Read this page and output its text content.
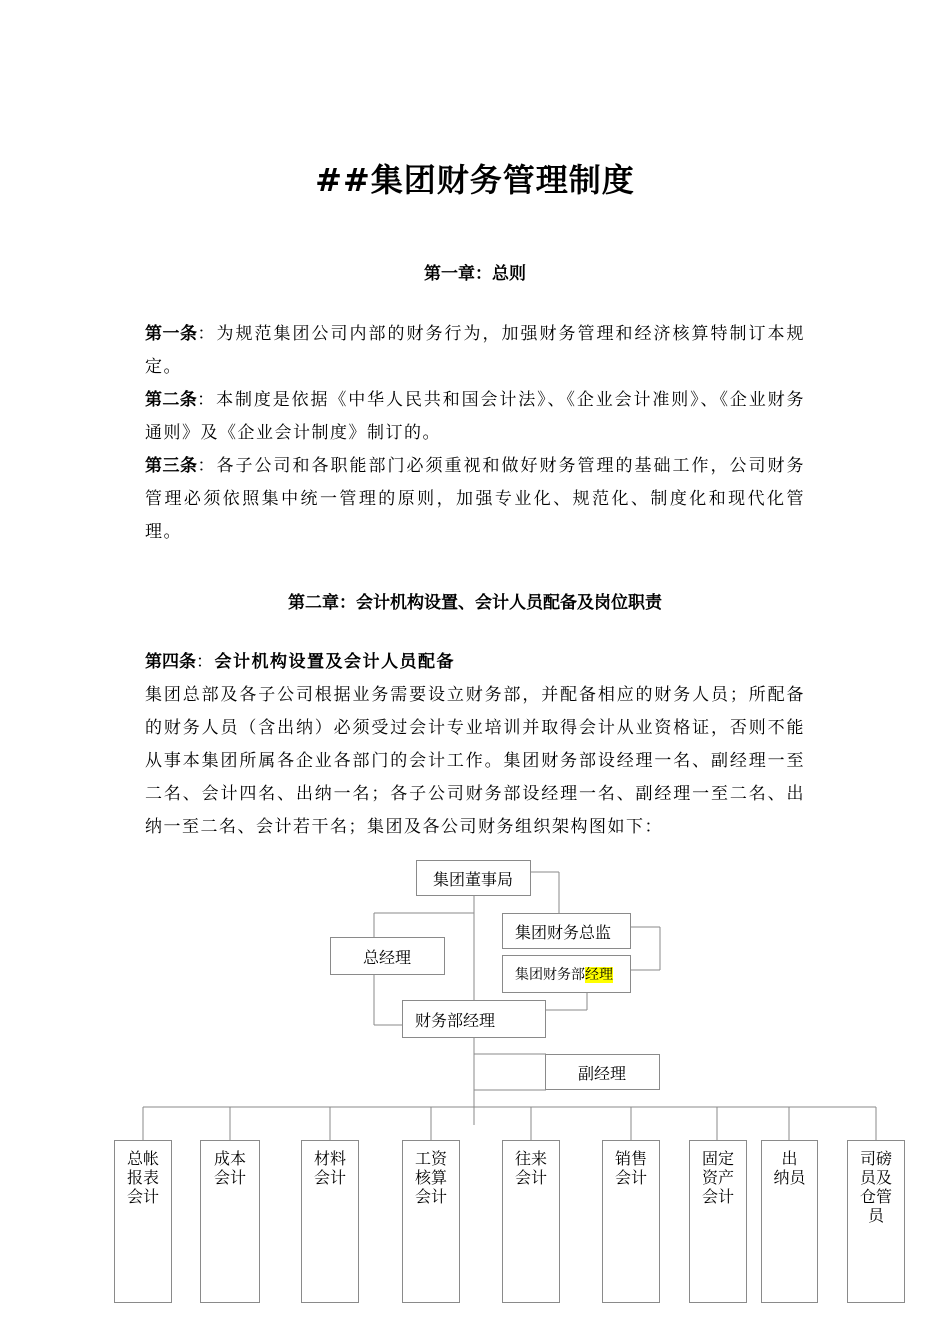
##集团财务管理制度
第一章：总则

第一条：为规范集团公司内部的财务行为，加强财务管理和经济核算特制订本规定。

第二条：本制度是依据《中华人民共和国会计法》、《企业会计准则》、《企业财务通则》及《企业会计制度》制订的。

第三条：各子公司和各职能部门必须重视和做好财务管理的基础工作，公司财务管理必须依照集中统一管理的原则，加强专业化、规范化、制度化和现代化管理。

第二章：会计机构设置、会计人员配备及岗位职责

第四条：会计机构设置及会计人员配备

集团总部及各子公司根据业务需要设立财务部，并配备相应的财务人员；所配备的财务人员（含出纳）必须受过会计专业培训并取得会计从业资格证，否则不能从事本集团所属各企业各部门的会计工作。集团财务部设经理一名、副经理一至二名、会计四名、出纳一名；各子公司财务部设经理一名、副经理一至二名、出纳一至二名、会计若干名；集团及各公司财务组织架构图如下：

集团董事局
集团财务总监
总经理
集团财务部经理
财务部经理
副经理
总帐
报表
会计
成本
会计
材料
会计
工资
核算
会计
往来
会计
销售
会计
固定
资产
会计
出
纳员
司磅
员及
仓管
员
